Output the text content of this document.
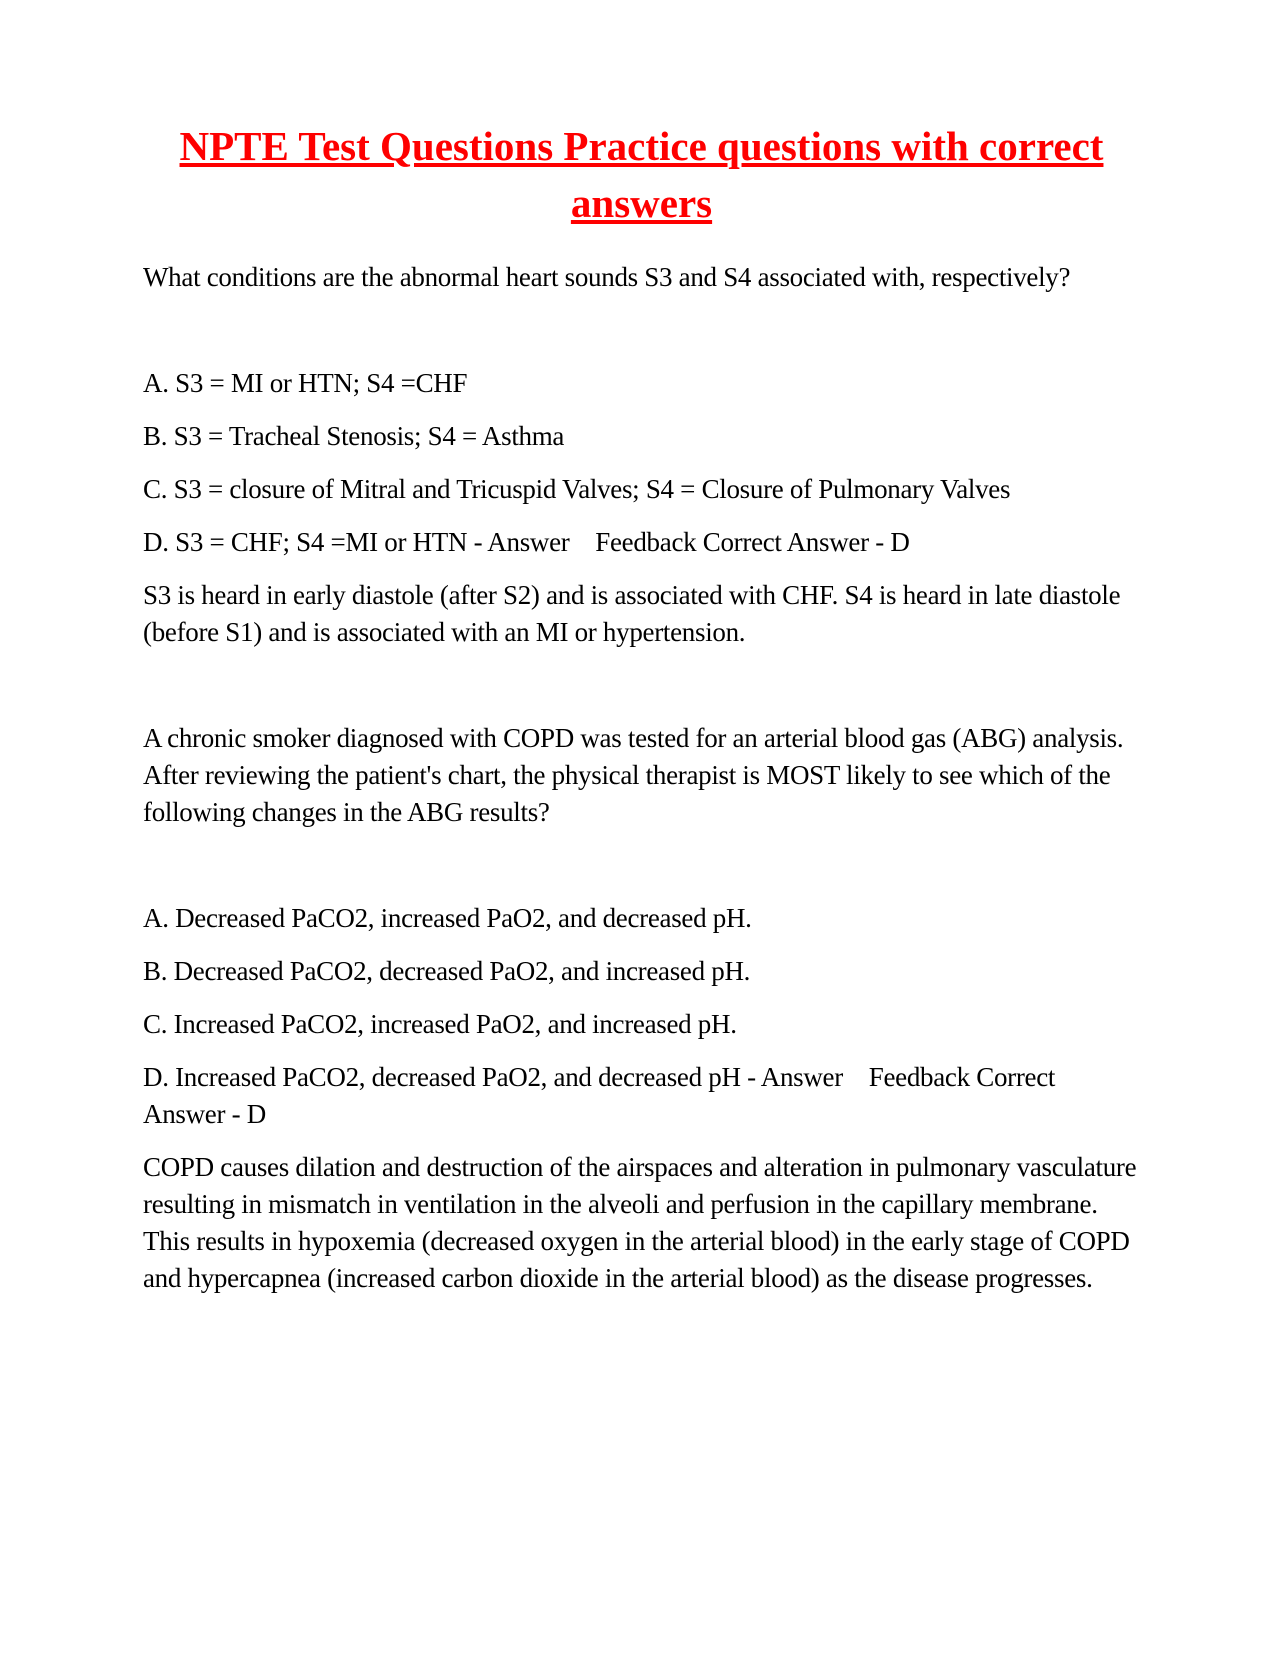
NPTE Test Questions Practice questions with correct answers

What conditions are the abnormal heart sounds S3 and S4 associated with, respectively?

A. S3 = MI or HTN; S4 =CHF

B. S3 = Tracheal Stenosis; S4 = Asthma

C. S3 = closure of Mitral and Tricuspid Valves; S4 = Closure of Pulmonary Valves

D. S3 = CHF; S4 =MI or HTN - Answer    Feedback Correct Answer - D

S3 is heard in early diastole (after S2) and is associated with CHF. S4 is heard in late diastole (before S1) and is associated with an MI or hypertension.

A chronic smoker diagnosed with COPD was tested for an arterial blood gas (ABG) analysis. After reviewing the patient's chart, the physical therapist is MOST likely to see which of the following changes in the ABG results?

A. Decreased PaCO2, increased PaO2, and decreased pH.

B. Decreased PaCO2, decreased PaO2, and increased pH.

C. Increased PaCO2, increased PaO2, and increased pH.

D. Increased PaCO2, decreased PaO2, and decreased pH - Answer    Feedback Correct Answer - D

COPD causes dilation and destruction of the airspaces and alteration in pulmonary vasculature resulting in mismatch in ventilation in the alveoli and perfusion in the capillary membrane. This results in hypoxemia (decreased oxygen in the arterial blood) in the early stage of COPD and hypercapnea (increased carbon dioxide in the arterial blood) as the disease progresses.
